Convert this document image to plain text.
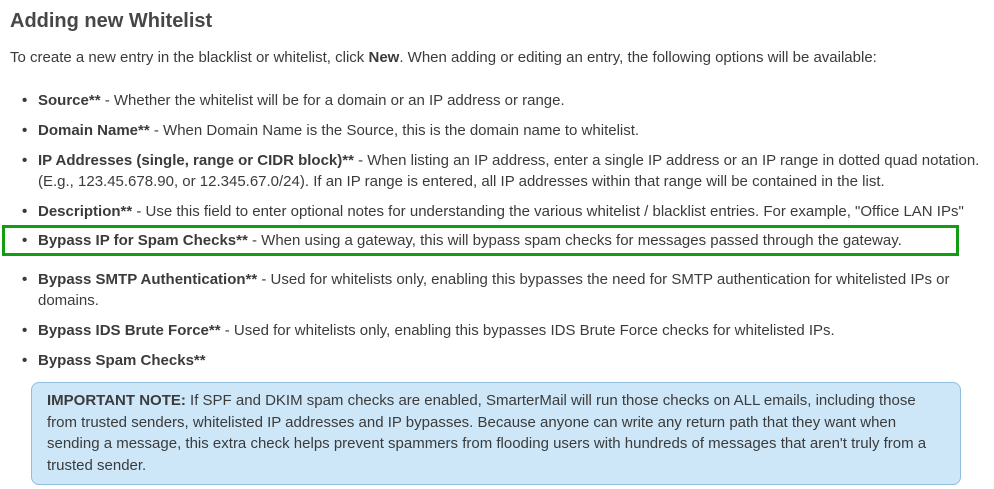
Adding new Whitelist

To create a new entry in the blacklist or whitelist, click New. When adding or editing an entry, the following options will be available:

• Source** - Whether the whitelist will be for a domain or an IP address or range.
• Domain Name** - When Domain Name is the Source, this is the domain name to whitelist.
• IP Addresses (single, range or CIDR block)** - When listing an IP address, enter a single IP address or an IP range in dotted quad notation. (E.g., 123.45.678.90, or 12.345.67.0/24). If an IP range is entered, all IP addresses within that range will be contained in the list.
• Description** - Use this field to enter optional notes for understanding the various whitelist / blacklist entries. For example, "Office LAN IPs"
• Bypass IP for Spam Checks** - When using a gateway, this will bypass spam checks for messages passed through the gateway.
• Bypass SMTP Authentication** - Used for whitelists only, enabling this bypasses the need for SMTP authentication for whitelisted IPs or domains.
• Bypass IDS Brute Force** - Used for whitelists only, enabling this bypasses IDS Brute Force checks for whitelisted IPs.
• Bypass Spam Checks**
IMPORTANT NOTE: If SPF and DKIM spam checks are enabled, SmarterMail will run those checks on ALL emails, including those from trusted senders, whitelisted IP addresses and IP bypasses. Because anyone can write any return path that they want when sending a message, this extra check helps prevent spammers from flooding users with hundreds of messages that aren't truly from a trusted sender.
